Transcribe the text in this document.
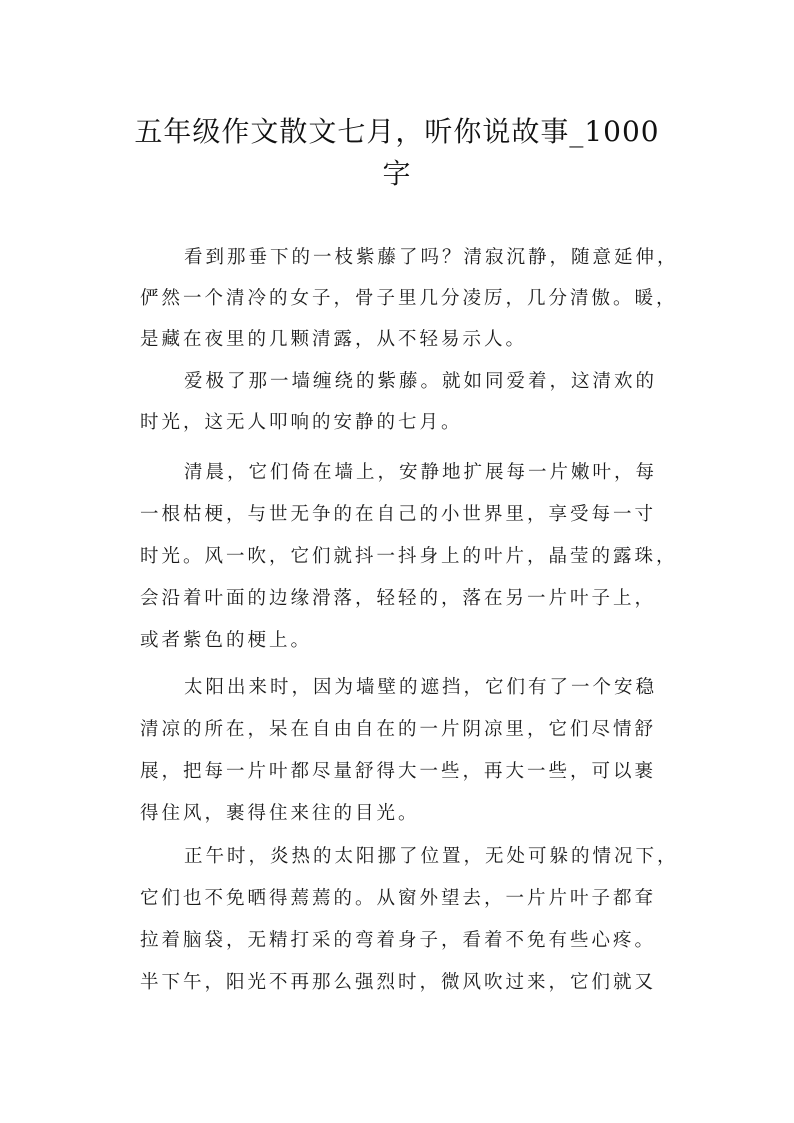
五年级作文散文七月，听你说故事_1000
字
看到那垂下的一枝紫藤了吗？清寂沉静，随意延伸，
俨然一个清冷的女子，骨子里几分凌厉，几分清傲。暖，
是藏在夜里的几颗清露，从不轻易示人。
爱极了那一墙缠绕的紫藤。就如同爱着，这清欢的
时光，这无人叩响的安静的七月。
清晨，它们倚在墙上，安静地扩展每一片嫩叶，每
一根枯梗，与世无争的在自己的小世界里，享受每一寸
时光。风一吹，它们就抖一抖身上的叶片，晶莹的露珠，
会沿着叶面的边缘滑落，轻轻的，落在另一片叶子上，
或者紫色的梗上。
太阳出来时，因为墙壁的遮挡，它们有了一个安稳
清凉的所在，呆在自由自在的一片阴凉里，它们尽情舒
展，把每一片叶都尽量舒得大一些，再大一些，可以裹
得住风，裹得住来往的目光。
正午时，炎热的太阳挪了位置，无处可躲的情况下，
它们也不免晒得蔫蔫的。从窗外望去，一片片叶子都耷
拉着脑袋，无精打采的弯着身子，看着不免有些心疼。
半下午，阳光不再那么强烈时，微风吹过来，它们就又
